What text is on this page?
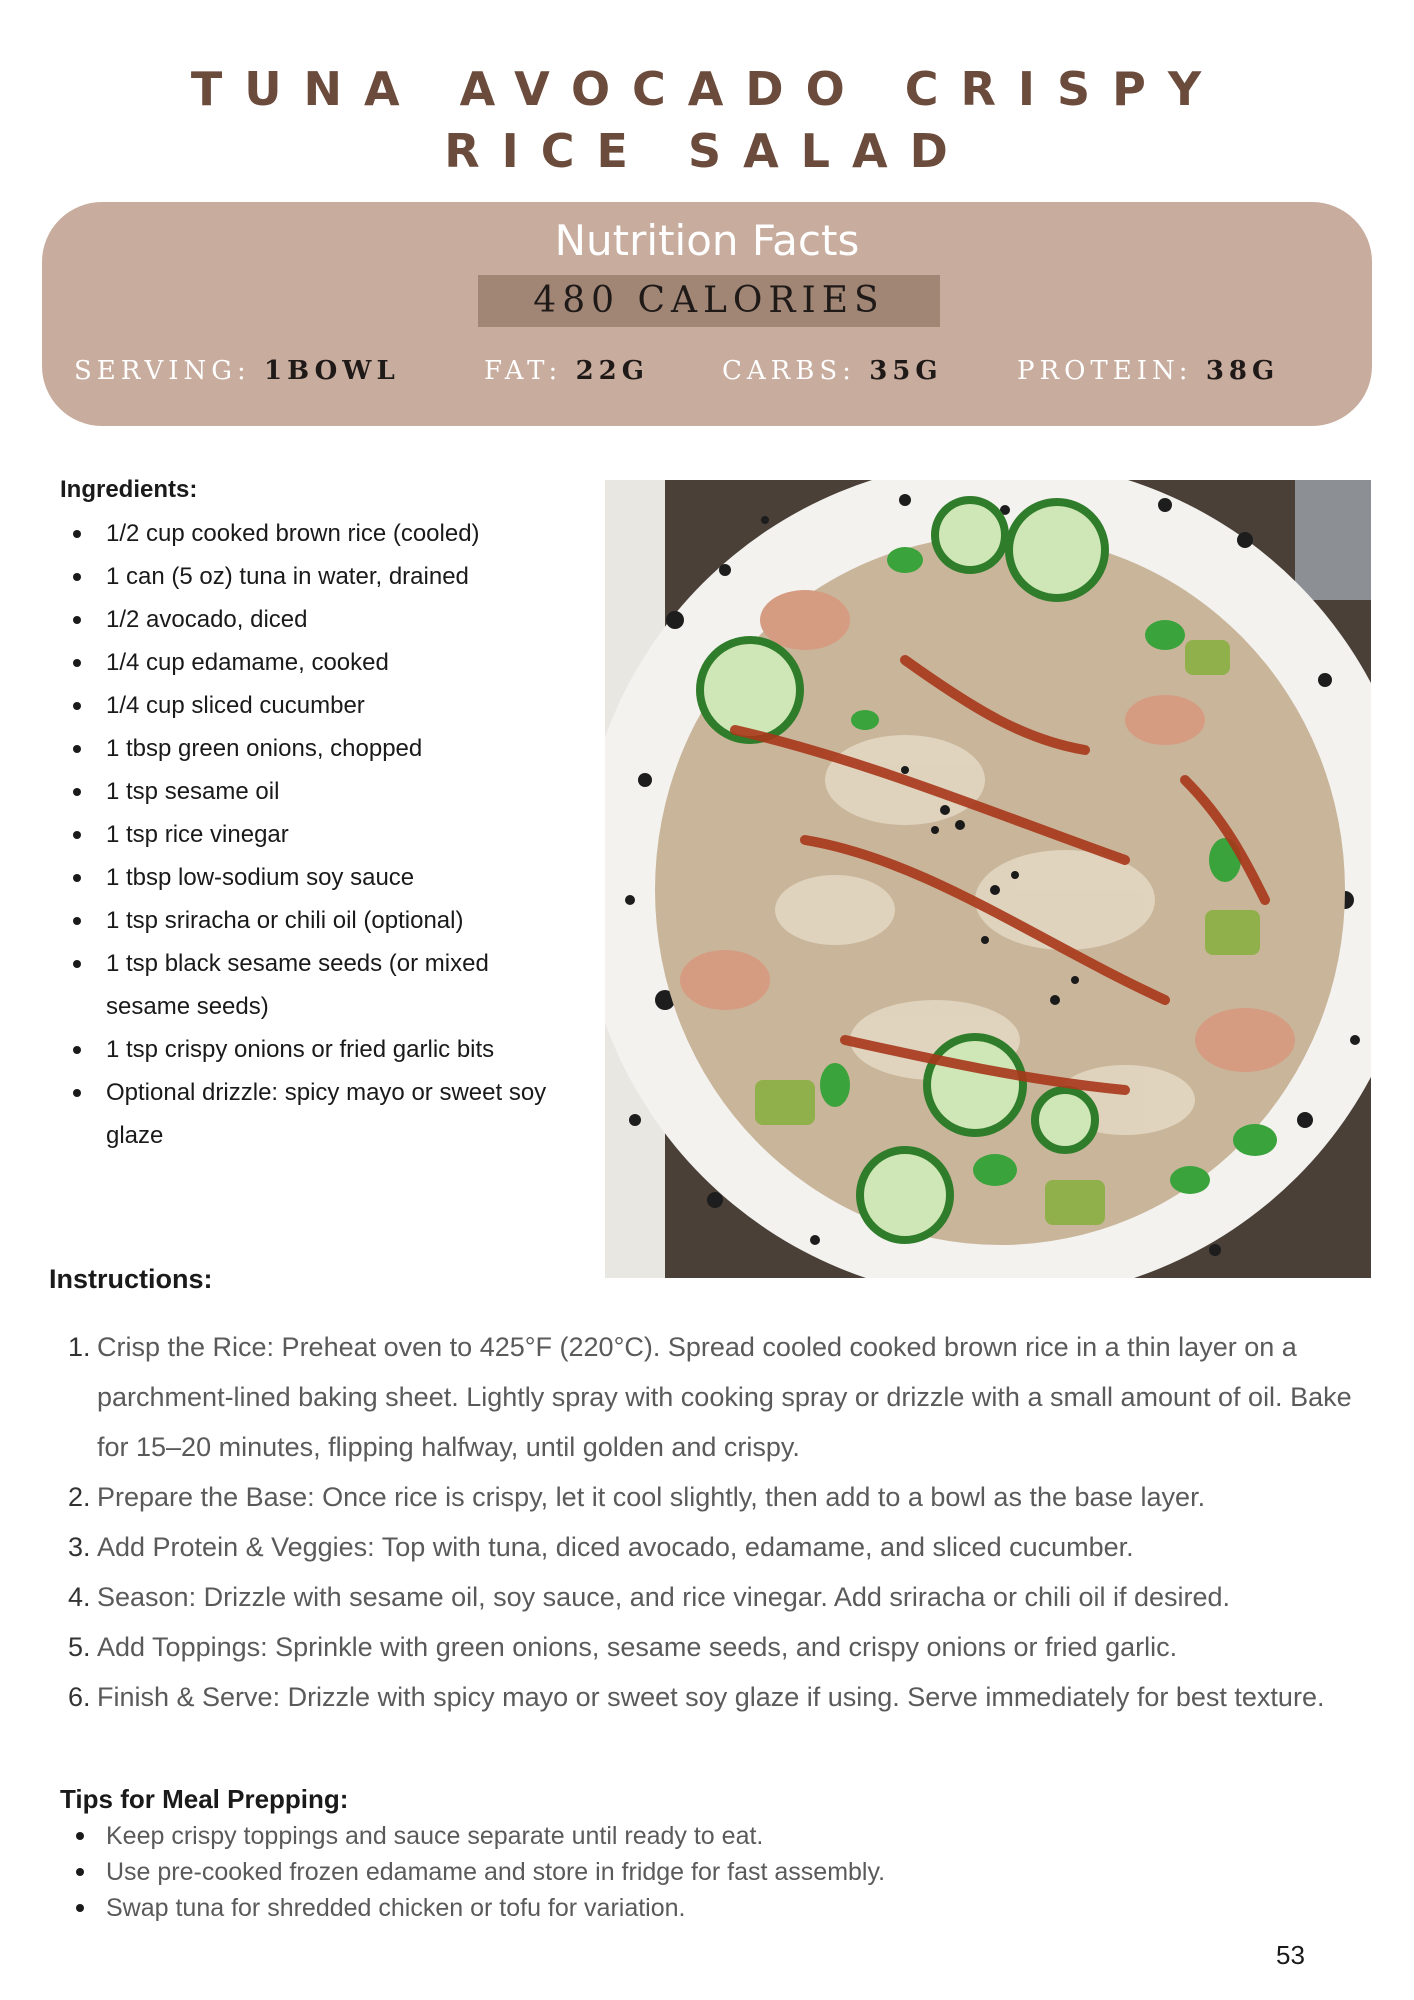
TUNA AVOCADO CRISPY
RICE SALAD
Nutrition Facts
480 CALORIES
SERVING: 1BOWL	FAT: 22G	CARBS: 35G	PROTEIN: 38G
Ingredients:
1/2 cup cooked brown rice (cooled)
1 can (5 oz) tuna in water, drained
1/2 avocado, diced
1/4 cup edamame, cooked
1/4 cup sliced cucumber
1 tbsp green onions, chopped
1 tsp sesame oil
1 tsp rice vinegar
1 tbsp low-sodium soy sauce
1 tsp sriracha or chili oil (optional)
1 tsp black sesame seeds (or mixed sesame seeds)
1 tsp crispy onions or fried garlic bits
Optional drizzle: spicy mayo or sweet soy glaze
Instructions:
1. Crisp the Rice: Preheat oven to 425°F (220°C). Spread cooled cooked brown rice in a thin layer on a parchment-lined baking sheet. Lightly spray with cooking spray or drizzle with a small amount of oil. Bake for 15–20 minutes, flipping halfway, until golden and crispy.
2. Prepare the Base: Once rice is crispy, let it cool slightly, then add to a bowl as the base layer.
3. Add Protein & Veggies: Top with tuna, diced avocado, edamame, and sliced cucumber.
4. Season: Drizzle with sesame oil, soy sauce, and rice vinegar. Add sriracha or chili oil if desired.
5. Add Toppings: Sprinkle with green onions, sesame seeds, and crispy onions or fried garlic.
6. Finish & Serve: Drizzle with spicy mayo or sweet soy glaze if using. Serve immediately for best texture.
Tips for Meal Prepping:
Keep crispy toppings and sauce separate until ready to eat.
Use pre-cooked frozen edamame and store in fridge for fast assembly.
Swap tuna for shredded chicken or tofu for variation.
53
